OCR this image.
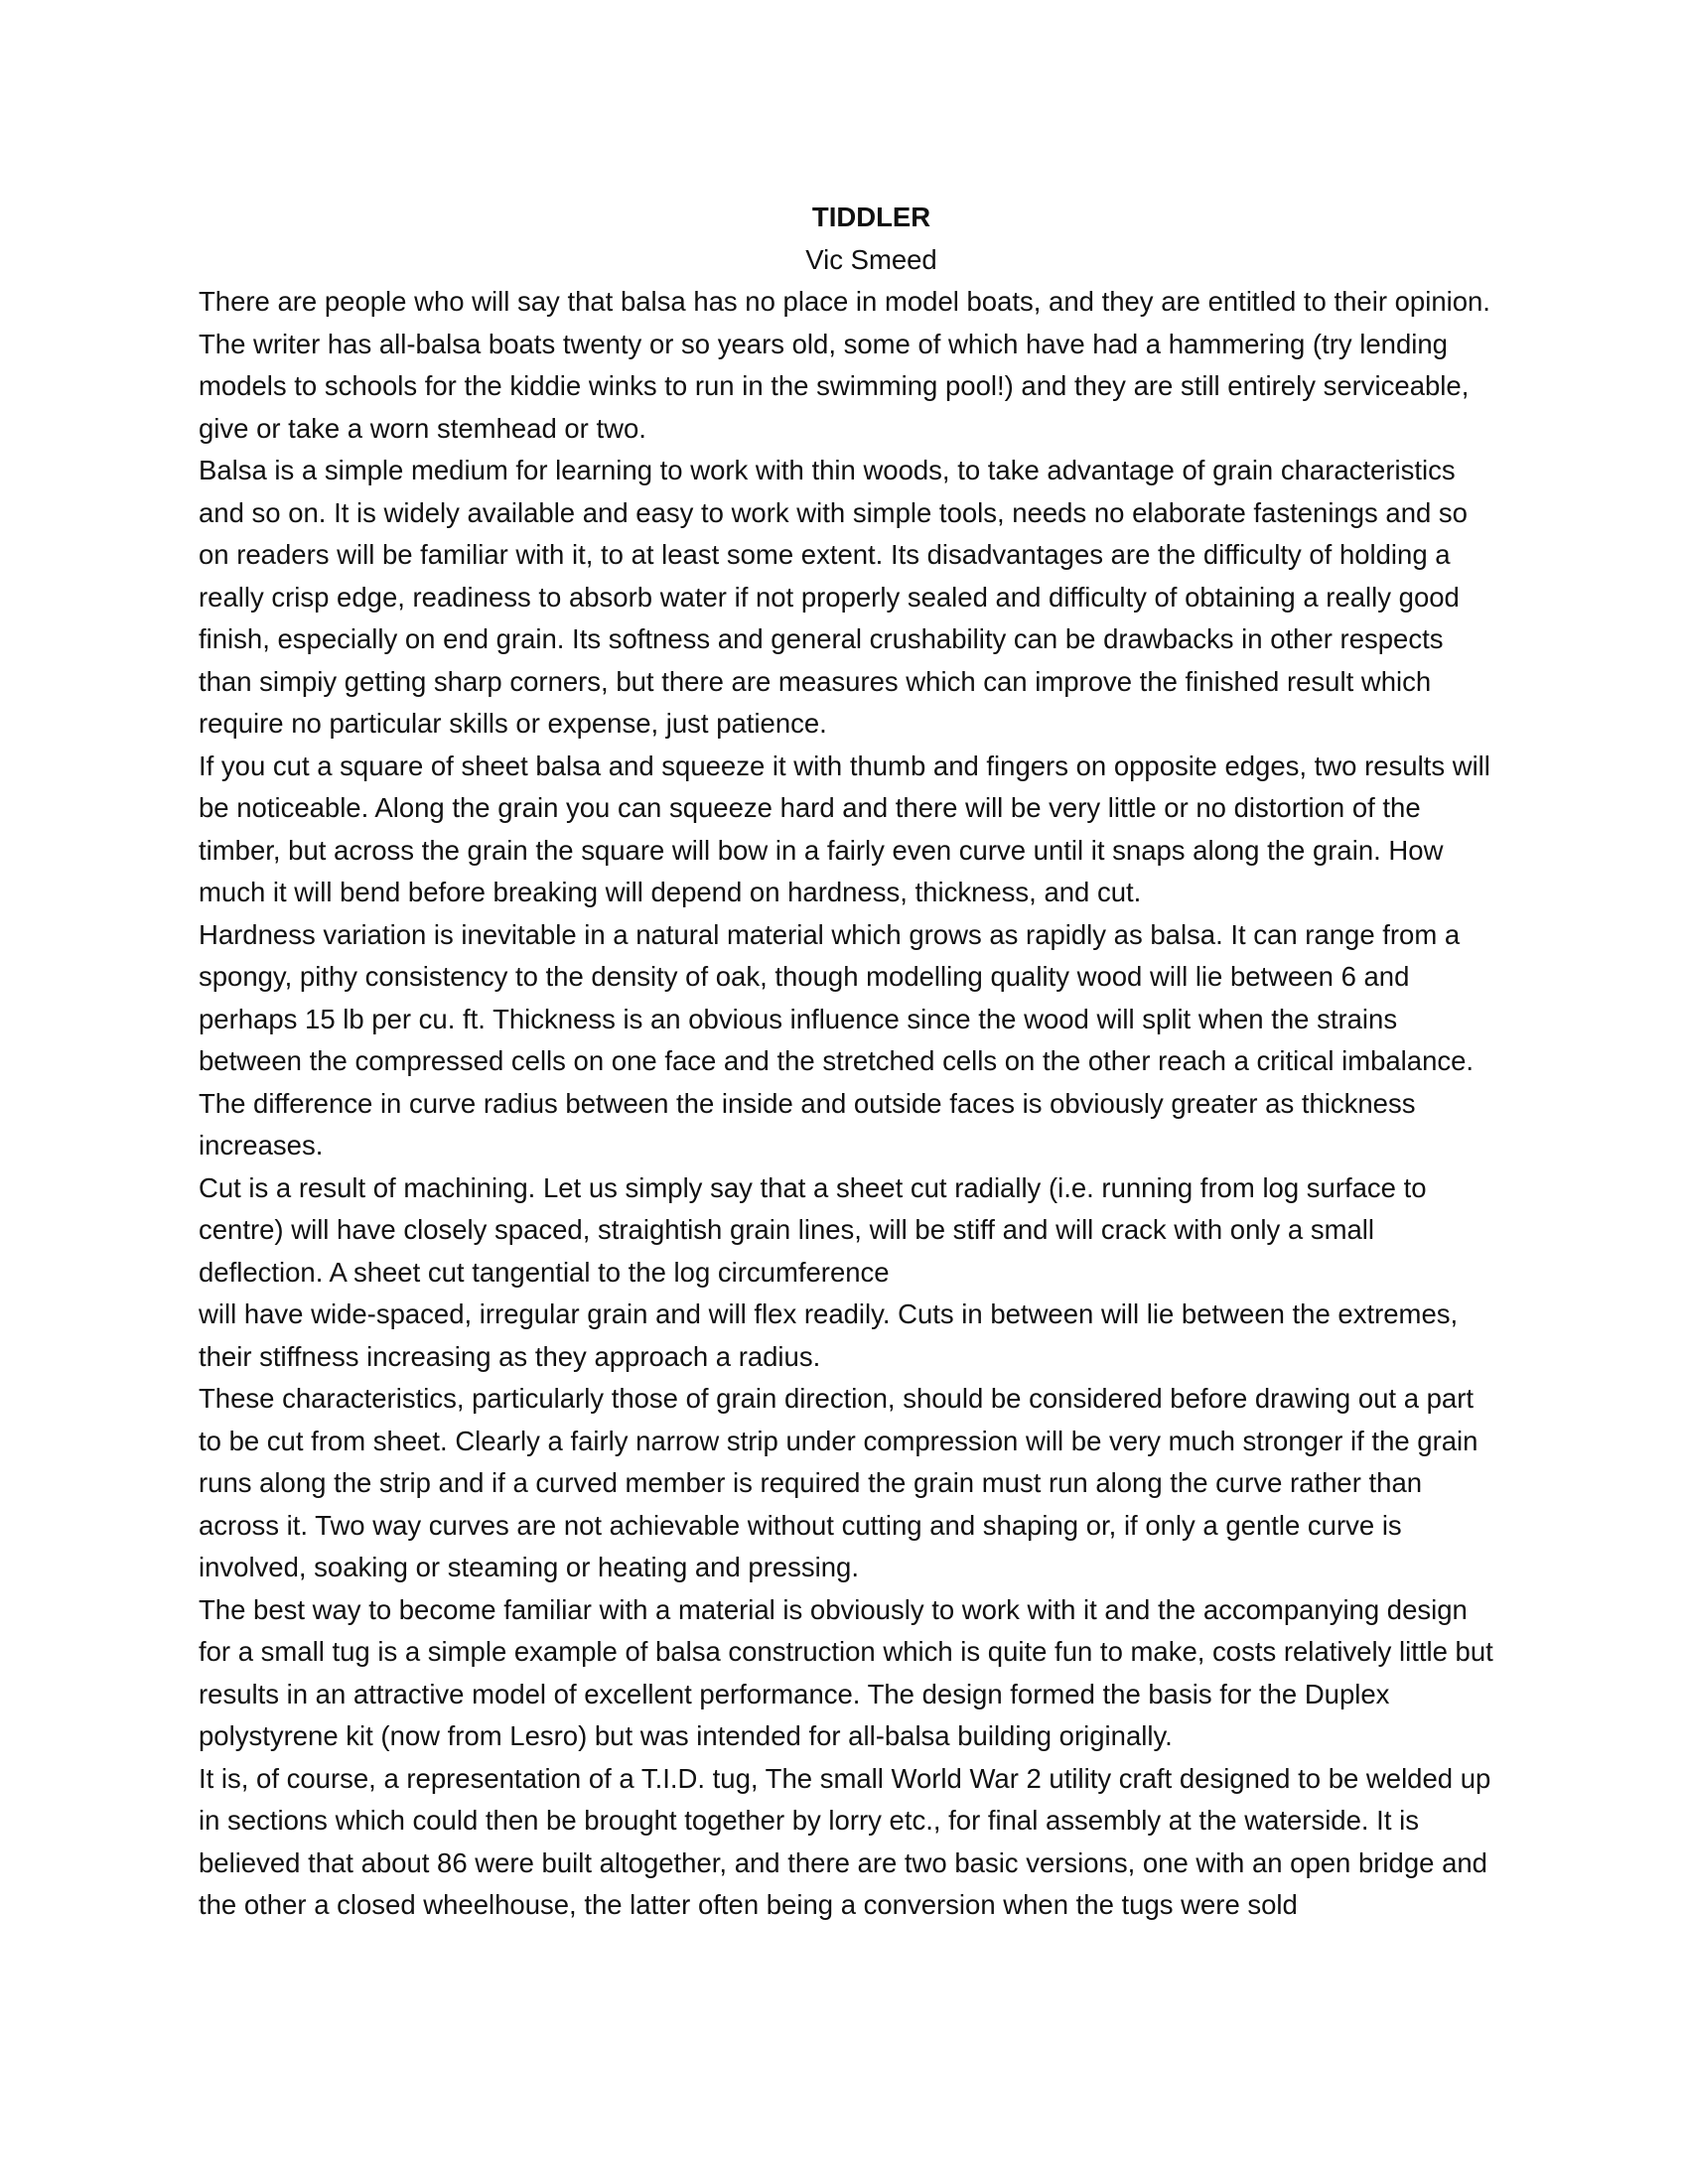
TIDDLER

Vic Smeed

There are people who will say that balsa has no place in model boats, and they are entitled to their opinion. The writer has all-balsa boats twenty or so years old, some of which have had a hammering (try lending models to schools for the kiddie winks to run in the swimming pool!) and they are still entirely serviceable, give or take a worn stemhead or two.

Balsa is a simple medium for learning to work with thin woods, to take advantage of grain characteristics and so on. It is widely available and easy to work with simple tools, needs no elaborate fastenings and so on readers will be familiar with it, to at least some extent. Its disadvantages are the difficulty of holding a really crisp edge, readiness to absorb water if not properly sealed and difficulty of obtaining a really good finish, especially on end grain. Its softness and general crushability can be drawbacks in other respects than simpiy getting sharp corners, but there are measures which can improve the finished result which require no particular skills or expense, just patience.

If you cut a square of sheet balsa and squeeze it with thumb and fingers on opposite edges, two results will be noticeable. Along the grain you can squeeze hard and there will be very little or no distortion of the timber, but across the grain the square will bow in a fairly even curve until it snaps along the grain. How much it will bend before breaking will depend on hardness, thickness, and cut.

Hardness variation is inevitable in a natural material which grows as rapidly as balsa. It can range from a spongy, pithy consistency to the density of oak, though modelling quality wood will lie between 6 and perhaps 15 lb per cu. ft. Thickness is an obvious influence since the wood will split when the strains between the compressed cells on one face and the stretched cells on the other reach a critical imbalance. The difference in curve radius between the inside and outside faces is obviously greater as thickness increases.

Cut is a result of machining. Let us simply say that a sheet cut radially (i.e. running from log surface to centre) will have closely spaced, straightish grain lines, will be stiff and will crack with only a small deflection. A sheet cut tangential to the log circumference

will have wide-spaced, irregular grain and will flex readily. Cuts in between will lie between the extremes, their stiffness increasing as they approach a radius.

These characteristics, particularly those of grain direction, should be considered before drawing out a part to be cut from sheet. Clearly a fairly narrow strip under compression will be very much stronger if the grain runs along the strip and if a curved member is required the grain must run along the curve rather than across it. Two way curves are not achievable without cutting and shaping or, if only a gentle curve is involved, soaking or steaming or heating and pressing.

The best way to become familiar with a material is obviously to work with it and the accompanying design for a small tug is a simple example of balsa construction which is quite fun to make, costs relatively little but results in an attractive model of excellent performance. The design formed the basis for the Duplex polystyrene kit (now from Lesro) but was intended for all-balsa building originally.

It is, of course, a representation of a T.I.D. tug, The small World War 2 utility craft designed to be welded up in sections which could then be brought together by lorry etc., for final assembly at the waterside. It is believed that about 86 were built altogether, and there are two basic versions, one with an open bridge and the other a closed wheelhouse, the latter often being a conversion when the tugs were sold
